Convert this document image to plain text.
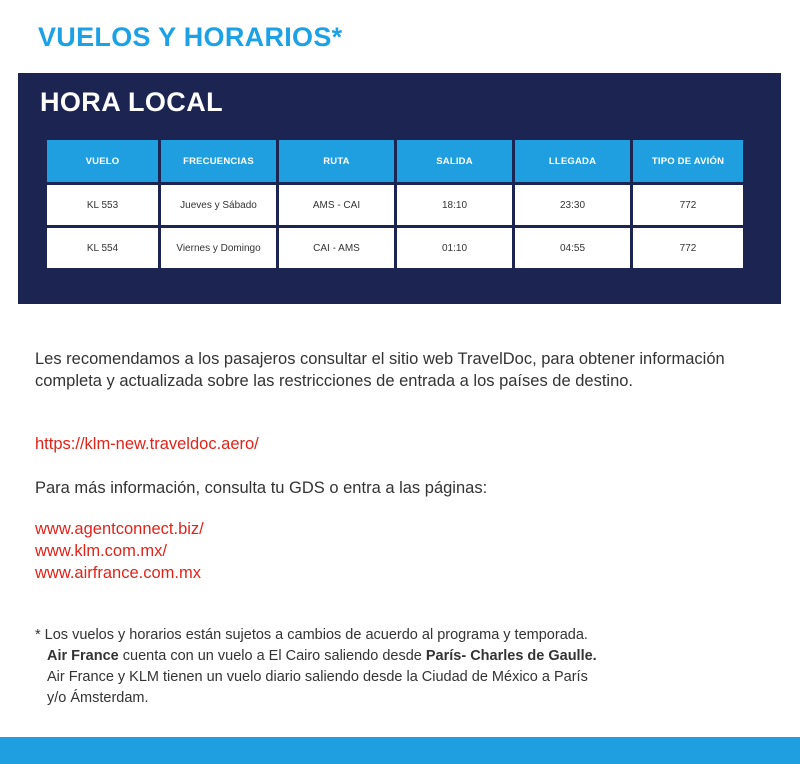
VUELOS Y HORARIOS*
HORA LOCAL
VUELO	FRECUENCIAS	RUTA	SALIDA	LLEGADA	TIPO DE AVIÓN
KL 553	Jueves y Sábado	AMS - CAI	18:10	23:30	772
KL 554	Viernes y Domingo	CAI - AMS	01:10	04:55	772
Les recomendamos a los pasajeros consultar el sitio web TravelDoc, para obtener información completa y actualizada sobre las restricciones de entrada a los países de destino.
https://klm-new.traveldoc.aero/
Para más información, consulta tu GDS o entra a las páginas:
www.agentconnect.biz/
www.klm.com.mx/
www.airfrance.com.mx
* Los vuelos y horarios están sujetos a cambios de acuerdo al programa y temporada.
Air France cuenta con un vuelo a El Cairo saliendo desde París- Charles de Gaulle.
Air France y KLM tienen un vuelo diario saliendo desde la Ciudad de México a París
y/o Ámsterdam.
